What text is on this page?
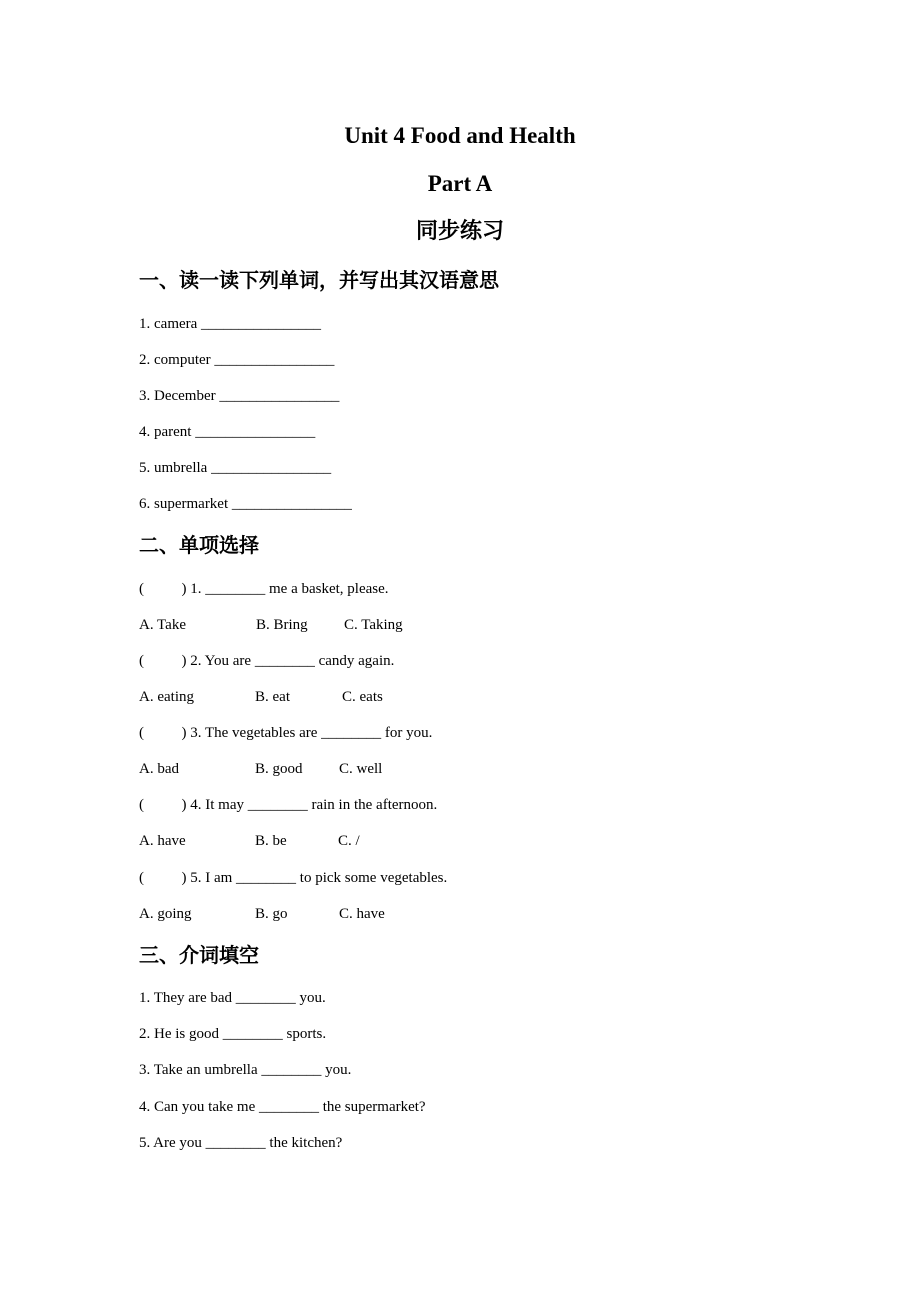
Unit 4 Food and Health
Part A
同步练习
一、读一读下列单词，并写出其汉语意思

1. camera ________________

2. computer ________________

3. December ________________

4. parent ________________

5. umbrella ________________

6. supermarket ________________

二、单项选择

(          ) 1. ________ me a basket, please.

A. Take	B. Bring C. Taking

(          ) 2. You are ________ candy again.

A. eating	B. eat	C. eats

(          ) 3. The vegetables are ________ for you.

A. bad	B. good C. well

(          ) 4. It may ________ rain in the afternoon.

A. have	B. be	C. /

(          ) 5. I am ________ to pick some vegetables.

A. going	B. go	C. have
三、介词填空

1. They are bad ________ you.

2. He is good ________ sports.

3. Take an umbrella ________ you.

4. Can you take me ________ the supermarket?

5. Are you ________ the kitchen?
